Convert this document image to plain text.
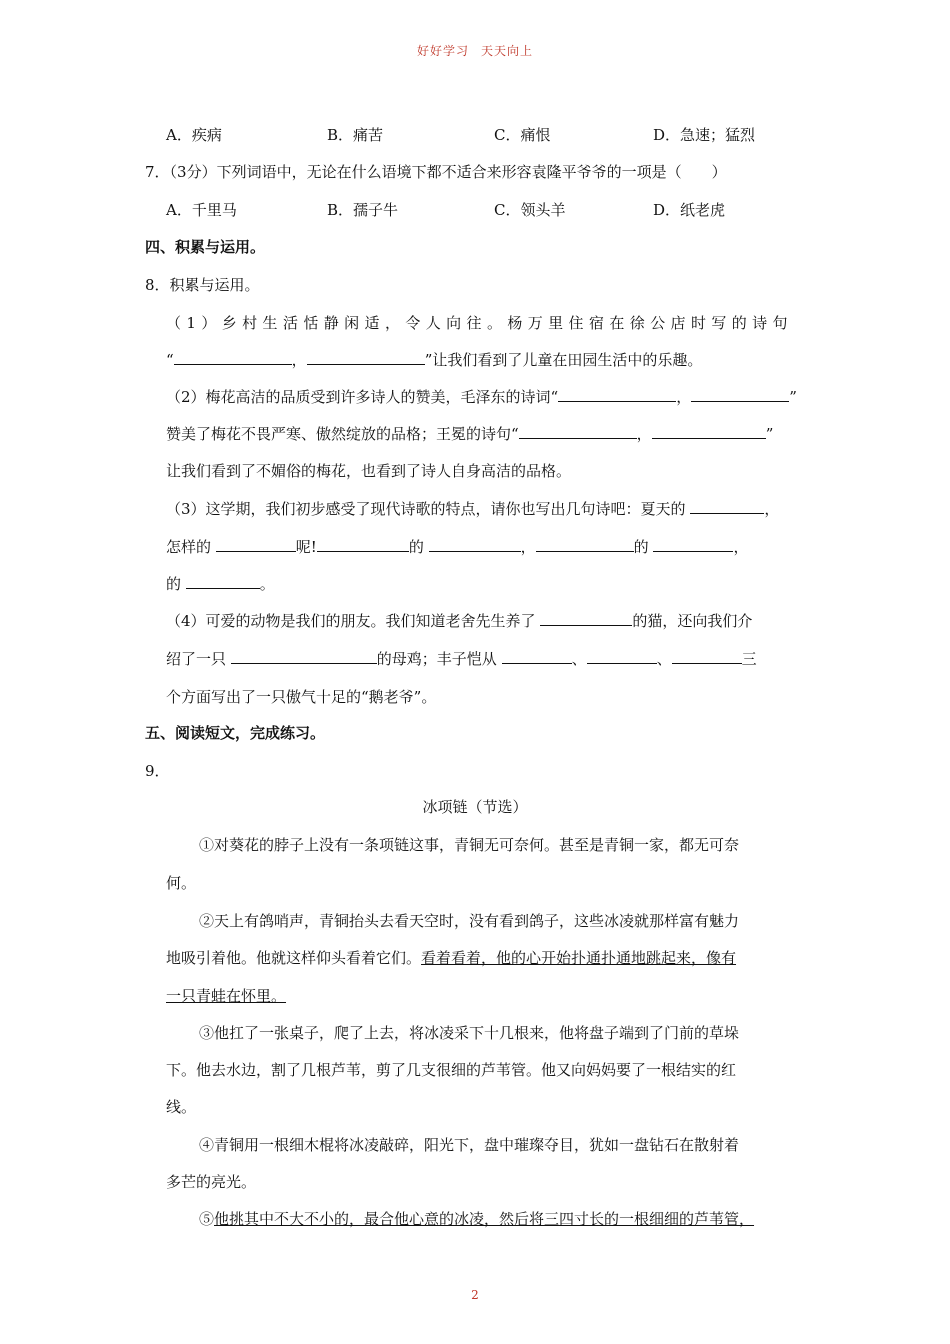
好好学习 天天向上
A．疾病	B．痛苦	C．痛恨	D．急速；猛烈
7．（3分）下列词语中，无论在什么语境下都不适合来形容袁隆平爷爷的一项是（　　）
A．千里马	B．孺子牛	C．领头羊	D．纸老虎
四、积累与运用。
8．积累与运用。
（1）乡村生活恬静闲适，令人向往。杨万里住宿在徐公店时写的诗句
“	，	”让我们看到了儿童在田园生活中的乐趣。
（2）梅花高洁的品质受到许多诗人的赞美，毛泽东的诗词“	，	”
赞美了梅花不畏严寒、傲然绽放的品格；王冕的诗句“	，	”
让我们看到了不媚俗的梅花，也看到了诗人自身高洁的品格。
（3）这学期，我们初步感受了现代诗歌的特点，请你也写出几句诗吧：夏天的	，
怎样的	呢!	的	，	的	，
的	。
（4）可爱的动物是我们的朋友。我们知道老舍先生养了	的猫，还向我们介
绍了一只	的母鸡；丰子恺从	、	、	三
个方面写出了一只傲气十足的“鹅老爷”。
五、阅读短文，完成练习。
9．
冰项链（节选）
①对葵花的脖子上没有一条项链这事，青铜无可奈何。甚至是青铜一家，都无可奈
何。
②天上有鸽哨声，青铜抬头去看天空时，没有看到鸽子，这些冰凌就那样富有魅力
地吸引着他。他就这样仰头看着它们。看着看着，他的心开始扑通扑通地跳起来，像有
一只青蛙在怀里。
③他扛了一张桌子，爬了上去，将冰凌采下十几根来，他将盘子端到了门前的草垛
下。他去水边，割了几根芦苇，剪了几支很细的芦苇管。他又向妈妈要了一根结实的红
线。
④青铜用一根细木棍将冰凌敲碎，阳光下，盘中璀璨夺目，犹如一盘钻石在散射着
多芒的亮光。
⑤他挑其中不大不小的，最合他心意的冰凌，然后将三四寸长的一根细细的芦苇管，
2
